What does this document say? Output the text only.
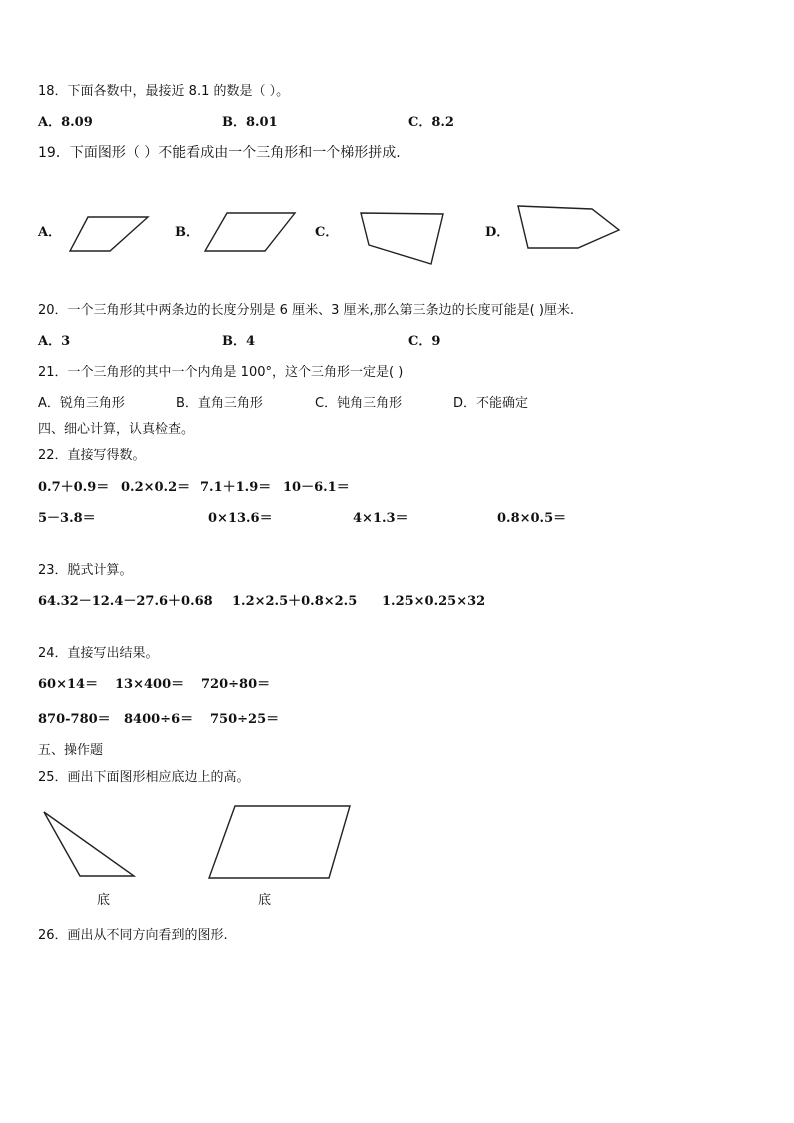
18．下面各数中，最接近 8.1 的数是（ ）。
A．8.09	B．8.01	C．8.2
19．下面图形（ ）不能看成由一个三角形和一个梯形拼成.
A．	B．	C．	D．
20．一个三角形其中两条边的长度分别是 6 厘米、3 厘米,那么第三条边的长度可能是( )厘米.
A．3	B．4	C．9
21．一个三角形的其中一个内角是 100°，这个三角形一定是( )
A．锐角三角形	B．直角三角形	C．钝角三角形	D．不能确定
四、细心计算，认真检查。
22．直接写得数。
0.7＋0.9＝ 0.2×0.2＝ 7.1＋1.9＝ 10－6.1＝
5－3.8＝	0×13.6＝	4×1.3＝	0.8×0.5＝
23．脱式计算。
64.32－12.4－27.6＋0.68 1.2×2.5＋0.8×2.5 1.25×0.25×32
24．直接写出结果。
60×14＝ 13×400＝ 720÷80＝
870-780＝ 8400÷6＝ 750÷25＝
五、操作题
25．画出下面图形相应底边上的高。
底	底
26．画出从不同方向看到的图形.
